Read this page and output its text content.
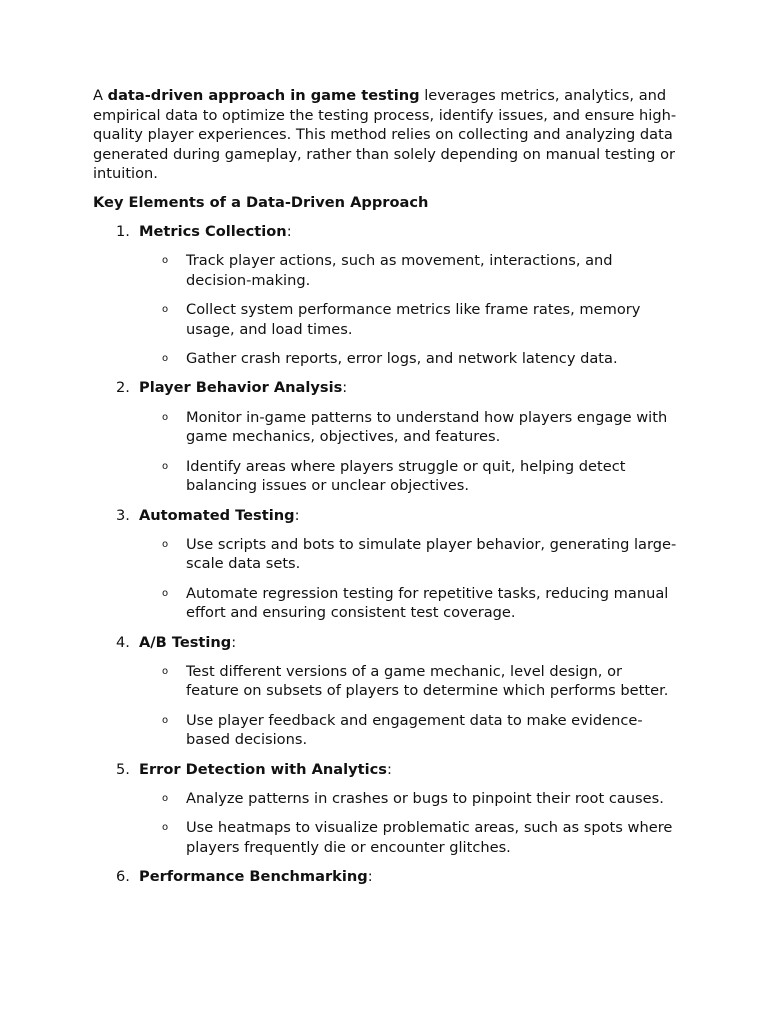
A data-driven approach in game testing leverages metrics, analytics, and empirical data to optimize the testing process, identify issues, and ensure high-quality player experiences. This method relies on collecting and analyzing data generated during gameplay, rather than solely depending on manual testing or intuition.

Key Elements of a Data-Driven Approach

1. Metrics Collection:
o Track player actions, such as movement, interactions, and decision-making.
o Collect system performance metrics like frame rates, memory usage, and load times.
o Gather crash reports, error logs, and network latency data.
2. Player Behavior Analysis:
o Monitor in-game patterns to understand how players engage with game mechanics, objectives, and features.
o Identify areas where players struggle or quit, helping detect balancing issues or unclear objectives.
3. Automated Testing:
o Use scripts and bots to simulate player behavior, generating large-scale data sets.
o Automate regression testing for repetitive tasks, reducing manual effort and ensuring consistent test coverage.
4. A/B Testing:
o Test different versions of a game mechanic, level design, or feature on subsets of players to determine which performs better.
o Use player feedback and engagement data to make evidence-based decisions.
5. Error Detection with Analytics:
o Analyze patterns in crashes or bugs to pinpoint their root causes.
o Use heatmaps to visualize problematic areas, such as spots where players frequently die or encounter glitches.
6. Performance Benchmarking:
